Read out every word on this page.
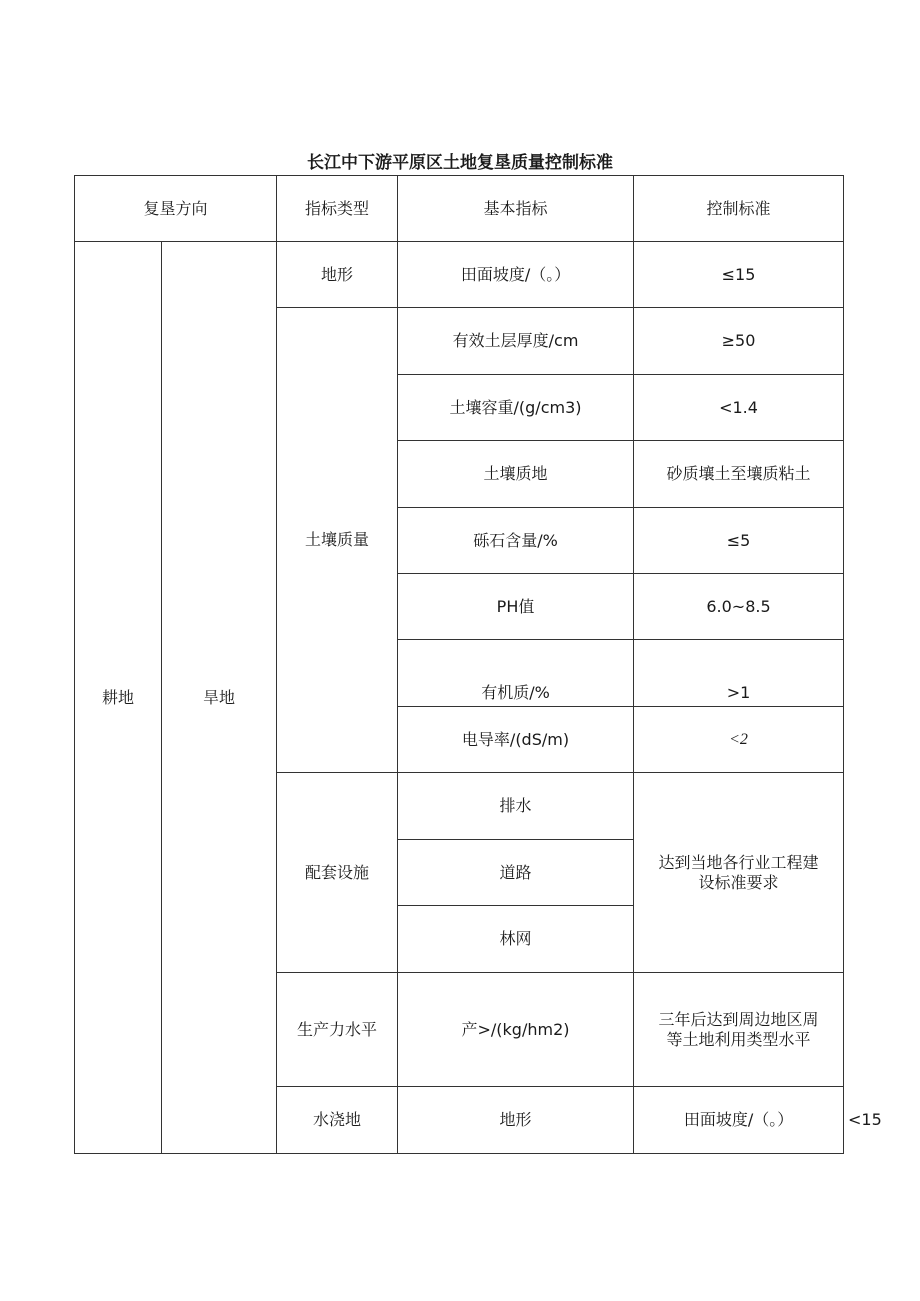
长江中下游平原区土地复垦质量控制标准
复垦方向		指标类型	基本指标	控制标准	
耕地	旱地	地形	田面坡度/（。）	≤15	
		土壤质量	有效土层厚度/cm	≥50	
			土壤容重/(g/cm3)	<1.4	
			土壤质地	砂质壤土至壤质粘土	
			砾石含量/%	≤5	
			PH值	6.0~8.5	
			有机质/%	>1	
			电导率/(dS/m)	<2	
		配套设施	排水	达到当地各行业工程建
设标准要求	

			道路		
			林网		
		生产力水平	产>/(kg/hm2)	三年后达到周边地区周
等土地利用类型水平	

		水浇地	地形	田面坡度/（。）	<15
